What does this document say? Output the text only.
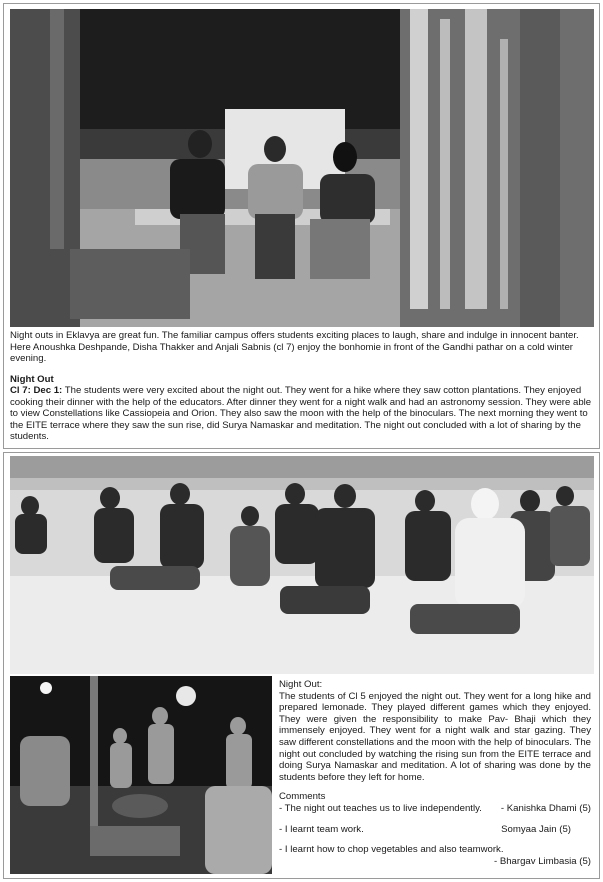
Night outs in Eklavya are great fun. The familiar campus offers students exciting places to laugh, share and indulge in innocent banter. Here Anoushka Deshpande, Disha Thakker and Anjali Sabnis (cl 7) enjoy the bonhomie in front of the Gandhi pathar on a cold winter evening.
Night Out
Cl 7: Dec 1: The students were very excited about the night out. They went for a hike where they saw cotton plantations. They enjoyed cooking their dinner with the help of the educators. After dinner they went for a night walk and had an astronomy session. They were able to view Constellations like Cassiopeia and Orion. They also saw the moon with the help of the binoculars. The next morning they went to the EITE terrace where they saw the sun rise, did Surya Namaskar and meditation. The night out concluded with a lot of sharing by the students.
Night Out:
The students of Cl 5 enjoyed the night out. They went for a long hike and prepared lemonade. They played different games which they enjoyed. They were given the responsibility to make Pav- Bhaji which they immensely enjoyed. They went for a night walk and star gazing. They saw different constellations and the moon with the help of binoculars. The night out concluded by watching the rising sun from the EITE terrace and doing Surya Namaskar and meditation. A lot of sharing was done by the students before they left for home.
Comments
- The night out teaches us to live independently. - Kanishka Dhami (5)
- I learnt team work.	Somyaa Jain (5)
- I learnt how to chop vegetables and also teamwork.
- Bhargav Limbasia (5)
